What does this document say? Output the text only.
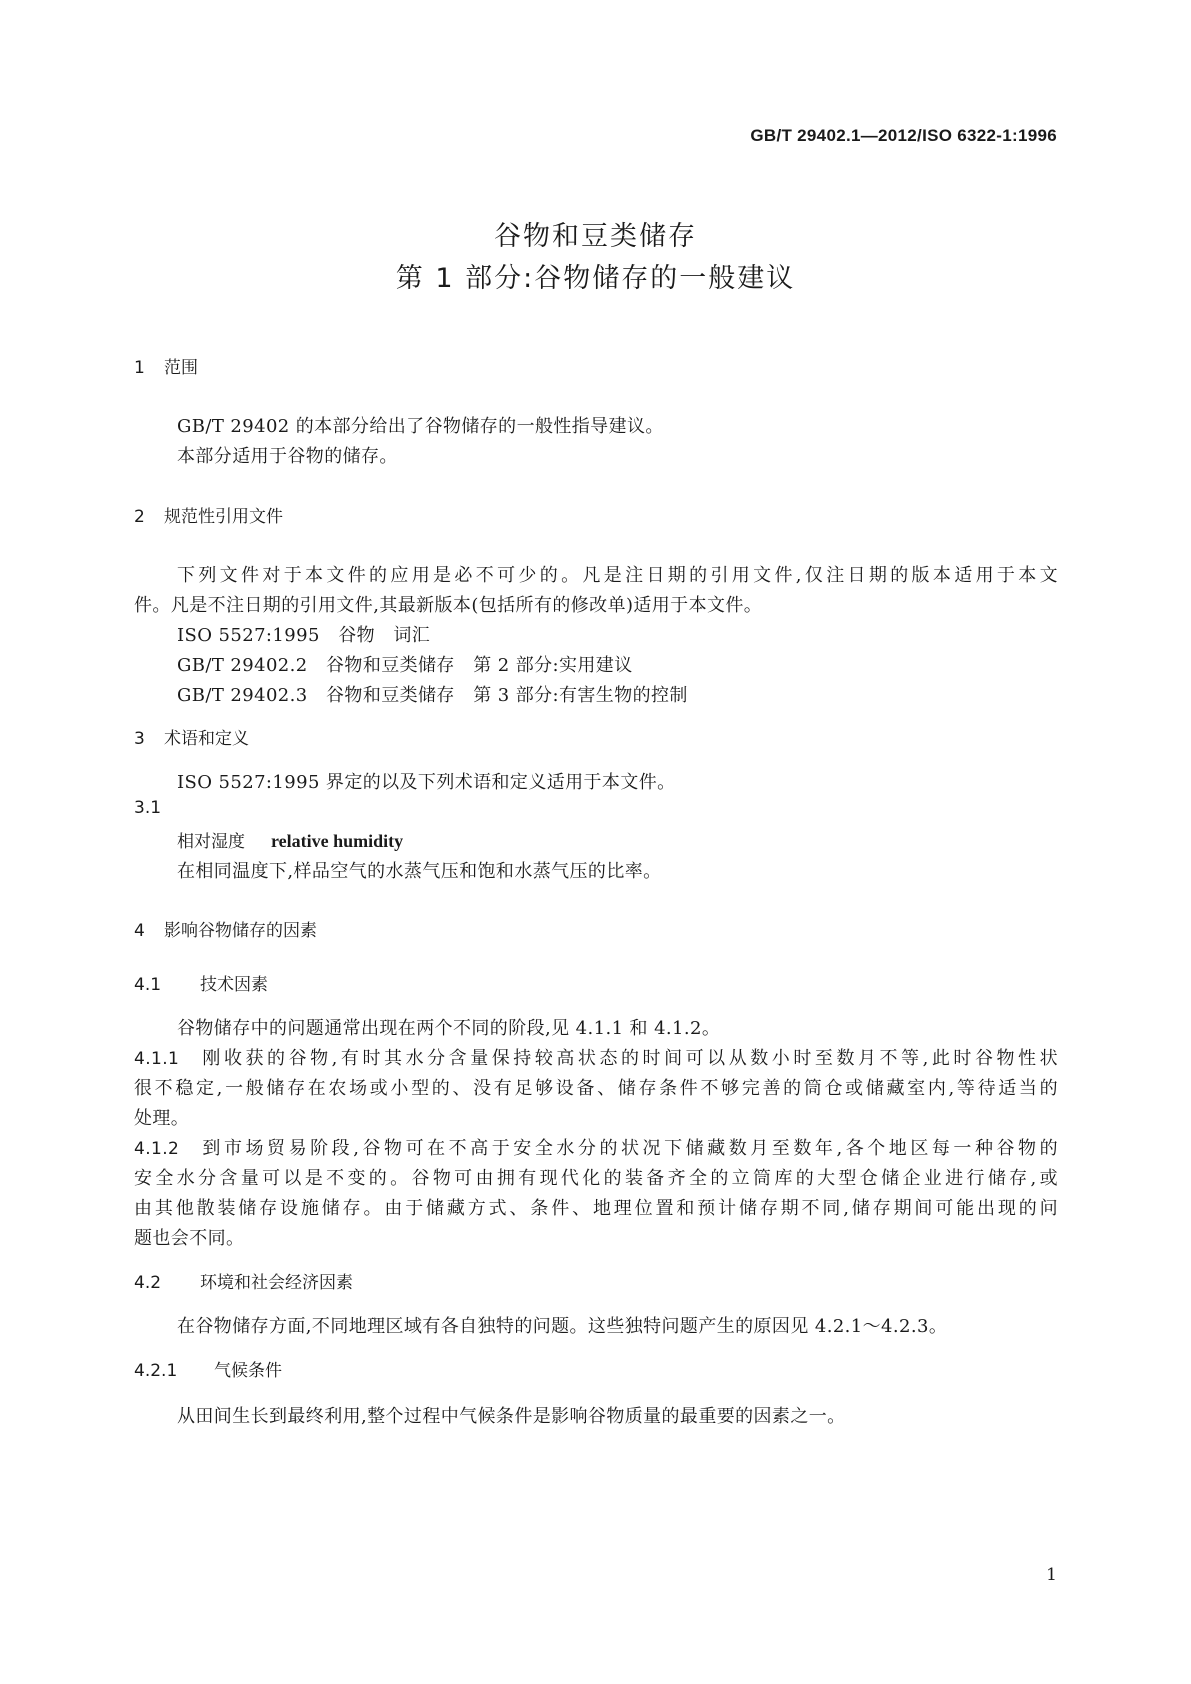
GB/T 29402.1—2012/ISO 6322-1:1996
谷物和豆类储存
第 1 部分:谷物储存的一般建议
1 范围
GB/T 29402 的本部分给出了谷物储存的一般性指导建议。
本部分适用于谷物的储存。
2 规范性引用文件
下列文件对于本文件的应用是必不可少的。凡是注日期的引用文件,仅注日期的版本适用于本文
件。凡是不注日期的引用文件,其最新版本(包括所有的修改单)适用于本文件。
ISO 5527:1995　谷物　词汇
GB/T 29402.2　谷物和豆类储存　第 2 部分:实用建议
GB/T 29402.3　谷物和豆类储存　第 3 部分:有害生物的控制
3 术语和定义
ISO 5527:1995 界定的以及下列术语和定义适用于本文件。
3.1
相对湿度 relative humidity
在相同温度下,样品空气的水蒸气压和饱和水蒸气压的比率。
4 影响谷物储存的因素
4.1 技术因素
谷物储存中的问题通常出现在两个不同的阶段,见 4.1.1 和 4.1.2。
4.1.1 刚收获的谷物,有时其水分含量保持较高状态的时间可以从数小时至数月不等,此时谷物性状
很不稳定,一般储存在农场或小型的、没有足够设备、储存条件不够完善的筒仓或储藏室内,等待适当的
处理。
4.1.2 到市场贸易阶段,谷物可在不高于安全水分的状况下储藏数月至数年,各个地区每一种谷物的
安全水分含量可以是不变的。谷物可由拥有现代化的装备齐全的立筒库的大型仓储企业进行储存,或
由其他散装储存设施储存。由于储藏方式、条件、地理位置和预计储存期不同,储存期间可能出现的问
题也会不同。
4.2 环境和社会经济因素
在谷物储存方面,不同地理区域有各自独特的问题。这些独特问题产生的原因见 4.2.1～4.2.3。
4.2.1 气候条件
从田间生长到最终利用,整个过程中气候条件是影响谷物质量的最重要的因素之一。
1
